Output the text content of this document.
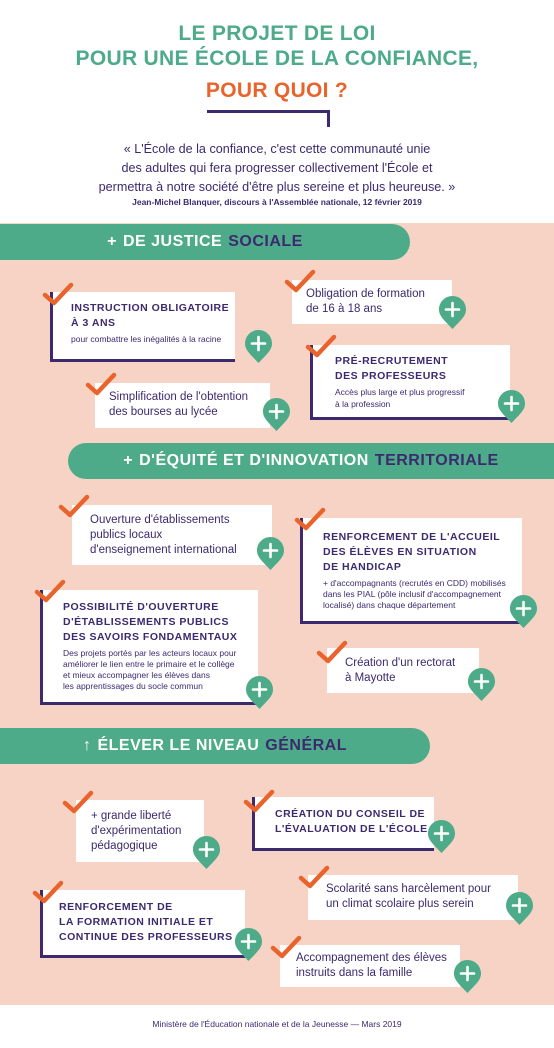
LE PROJET DE LOI
POUR UNE ÉCOLE DE LA CONFIANCE,
POUR QUOI ?
« L'École de la confiance, c'est cette communauté unie
des adultes qui fera progresser collectivement l'École et
permettra à notre société d'être plus sereine et plus heureuse. »
Jean-Michel Blanquer, discours à l'Assemblée nationale, 12 février 2019
+ DE JUSTICE SOCIALE
INSTRUCTION OBLIGATOIRE
À 3 ANS
pour combattre les inégalités à la racine
Obligation de formation
de 16 à 18 ans
PRÉ-RECRUTEMENT
DES PROFESSEURS
Accès plus large et plus progressif
à la profession
Simplification de l'obtention
des bourses au lycée
+ D'ÉQUITÉ ET D'INNOVATION TERRITORIALE
Ouverture d'établissements
publics locaux
d'enseignement international
RENFORCEMENT DE L'ACCUEIL
DES ÉLÈVES EN SITUATION
DE HANDICAP
+ d'accompagnants (recrutés en CDD) mobilisés
dans les PIAL (pôle inclusif d'accompagnement
localisé) dans chaque département
POSSIBILITÉ D'OUVERTURE
D'ÉTABLISSEMENTS PUBLICS
DES SAVOIRS FONDAMENTAUX
Des projets portés par les acteurs locaux pour
améliorer le lien entre le primaire et le collège
et mieux accompagner les élèves dans
les apprentissages du socle commun
Création d'un rectorat
à Mayotte
↑ ÉLEVER LE NIVEAU GÉNÉRAL
+ grande liberté
d'expérimentation
pédagogique
CRÉATION DU CONSEIL DE
L'ÉVALUATION DE L'ÉCOLE
Scolarité sans harcèlement pour
un climat scolaire plus serein
RENFORCEMENT DE
LA FORMATION INITIALE ET
CONTINUE DES PROFESSEURS
Accompagnement des élèves
instruits dans la famille
Ministère de l'Éducation nationale et de la Jeunesse — Mars 2019
